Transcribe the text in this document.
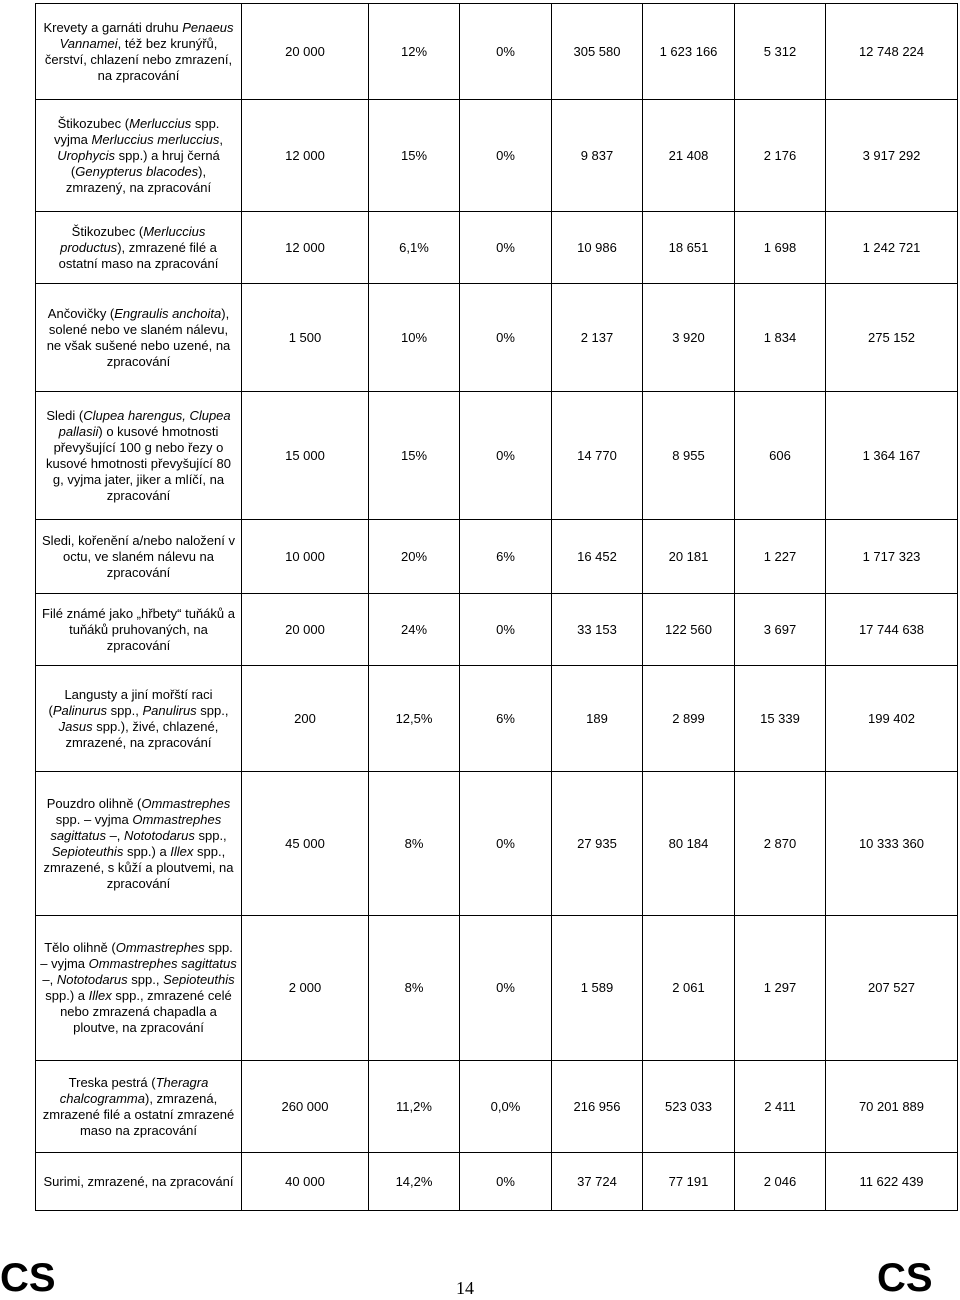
Krevety a garnáti druhu Penaeus Vannamei, též bez krunýřů, čerství, chlazení nebo zmrazení, na zpracování	20 000	12%	0%	305 580	1 623 166	5 312	12 748 224
Štikozubec (Merluccius spp. vyjma Merluccius merluccius, Urophycis spp.) a hruj černá (Genypterus blacodes), zmrazený, na zpracování	12 000	15%	0%	9 837	21 408	2 176	3 917 292
Štikozubec (Merluccius productus), zmrazené filé a ostatní maso na zpracování	12 000	6,1%	0%	10 986	18 651	1 698	1 242 721
Ančovičky (Engraulis anchoita), solené nebo ve slaném nálevu, ne však sušené nebo uzené, na zpracování	1 500	10%	0%	2 137	3 920	1 834	275 152
Sledi (Clupea harengus, Clupea pallasii) o kusové hmotnosti převyšující 100 g nebo řezy o kusové hmotnosti převyšující 80 g, vyjma jater, jiker a mlíčí, na zpracování	15 000	15%	0%	14 770	8 955	606	1 364 167
Sledi, kořenění a/nebo naložení v octu, ve slaném nálevu na zpracování	10 000	20%	6%	16 452	20 181	1 227	1 717 323
Filé známé jako „hřbety“ tuňáků a tuňáků pruhovaných, na zpracování	20 000	24%	0%	33 153	122 560	3 697	17 744 638
Langusty a jiní mořští raci (Palinurus spp., Panulirus spp., Jasus spp.), živé, chlazené, zmrazené, na zpracování	200	12,5%	6%	189	2 899	15 339	199 402
Pouzdro olihně (Ommastrephes spp. – vyjma Ommastrephes sagittatus –, Nototodarus spp., Sepioteuthis spp.) a Illex spp., zmrazené, s kůží a ploutvemi, na zpracování	45 000	8%	0%	27 935	80 184	2 870	10 333 360
Tělo olihně (Ommastrephes spp. – vyjma Ommastrephes sagittatus –, Nototodarus spp., Sepioteuthis spp.) a Illex spp., zmrazené celé nebo zmrazená chapadla a ploutve, na zpracování	2 000	8%	0%	1 589	2 061	1 297	207 527
Treska pestrá (Theragra chalcogramma), zmrazená, zmrazené filé a ostatní zmrazené maso na zpracování	260 000	11,2%	0,0%	216 956	523 033	2 411	70 201 889
Surimi, zmrazené, na zpracování	40 000	14,2%	0%	37 724	77 191	2 046	11 622 439
CS	14	CS
